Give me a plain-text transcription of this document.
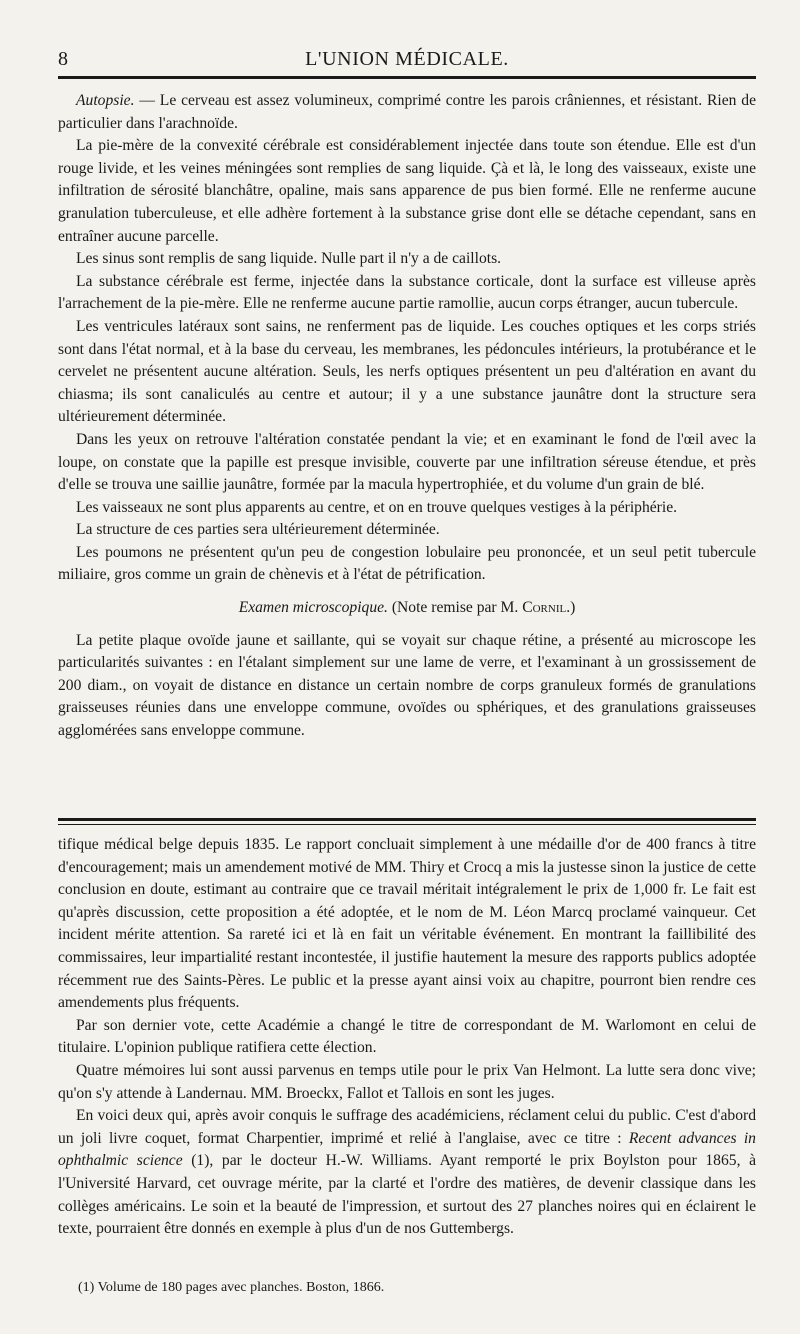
8	L'UNION MÉDICALE.

Autopsie. — Le cerveau est assez volumineux, comprimé contre les parois crâniennes, et résistant. Rien de particulier dans l'arachnoïde.

La pie-mère de la convexité cérébrale est considérablement injectée dans toute son étendue. Elle est d'un rouge livide, et les veines méningées sont remplies de sang liquide. Çà et là, le long des vaisseaux, existe une infiltration de sérosité blanchâtre, opaline, mais sans apparence de pus bien formé. Elle ne renferme aucune granulation tuberculeuse, et elle adhère fortement à la substance grise dont elle se détache cependant, sans en entraîner aucune parcelle.

Les sinus sont remplis de sang liquide. Nulle part il n'y a de caillots.

La substance cérébrale est ferme, injectée dans la substance corticale, dont la surface est villeuse après l'arrachement de la pie-mère. Elle ne renferme aucune partie ramollie, aucun corps étranger, aucun tubercule.

Les ventricules latéraux sont sains, ne renferment pas de liquide. Les couches optiques et les corps striés sont dans l'état normal, et à la base du cerveau, les membranes, les pédoncules intérieurs, la protubérance et le cervelet ne présentent aucune altération. Seuls, les nerfs optiques présentent un peu d'altération en avant du chiasma; ils sont canaliculés au centre et autour; il y a une substance jaunâtre dont la structure sera ultérieurement déterminée.

Dans les yeux on retrouve l'altération constatée pendant la vie; et en examinant le fond de l'œil avec la loupe, on constate que la papille est presque invisible, couverte par une infiltration séreuse étendue, et près d'elle se trouva une saillie jaunâtre, formée par la macula hypertrophiée, et du volume d'un grain de blé.

Les vaisseaux ne sont plus apparents au centre, et on en trouve quelques vestiges à la périphérie.

La structure de ces parties sera ultérieurement déterminée.

Les poumons ne présentent qu'un peu de congestion lobulaire peu prononcée, et un seul petit tubercule miliaire, gros comme un grain de chènevis et à l'état de pétrification.

Examen microscopique. (Note remise par M. Cornil.)

La petite plaque ovoïde jaune et saillante, qui se voyait sur chaque rétine, a présenté au microscope les particularités suivantes : en l'étalant simplement sur une lame de verre, et l'examinant à un grossissement de 200 diam., on voyait de distance en distance un certain nombre de corps granuleux formés de granulations graisseuses réunies dans une enveloppe commune, ovoïdes ou sphériques, et des granulations graisseuses agglomérées sans enveloppe commune.

tifique médical belge depuis 1835. Le rapport concluait simplement à une médaille d'or de 400 francs à titre d'encouragement; mais un amendement motivé de MM. Thiry et Crocq a mis la justesse sinon la justice de cette conclusion en doute, estimant au contraire que ce travail méritait intégralement le prix de 1,000 fr. Le fait est qu'après discussion, cette proposition a été adoptée, et le nom de M. Léon Marcq proclamé vainqueur. Cet incident mérite attention. Sa rareté ici et là en fait un véritable événement. En montrant la faillibilité des commissaires, leur impartialité restant incontestée, il justifie hautement la mesure des rapports publics adoptée récemment rue des Saints-Pères. Le public et la presse ayant ainsi voix au chapitre, pourront bien rendre ces amendements plus fréquents.

Par son dernier vote, cette Académie a changé le titre de correspondant de M. Warlomont en celui de titulaire. L'opinion publique ratifiera cette élection.

Quatre mémoires lui sont aussi parvenus en temps utile pour le prix Van Helmont. La lutte sera donc vive; qu'on s'y attende à Landernau. MM. Broeckx, Fallot et Tallois en sont les juges.

En voici deux qui, après avoir conquis le suffrage des académiciens, réclament celui du public. C'est d'abord un joli livre coquet, format Charpentier, imprimé et relié à l'anglaise, avec ce titre : Recent advances in ophthalmic science (1), par le docteur H.-W. Williams. Ayant remporté le prix Boylston pour 1865, à l'Université Harvard, cet ouvrage mérite, par la clarté et l'ordre des matières, de devenir classique dans les collèges américains. Le soin et la beauté de l'impression, et surtout des 27 planches noires qui en éclairent le texte, pourraient être donnés en exemple à plus d'un de nos Guttembergs.

(1) Volume de 180 pages avec planches. Boston, 1866.
